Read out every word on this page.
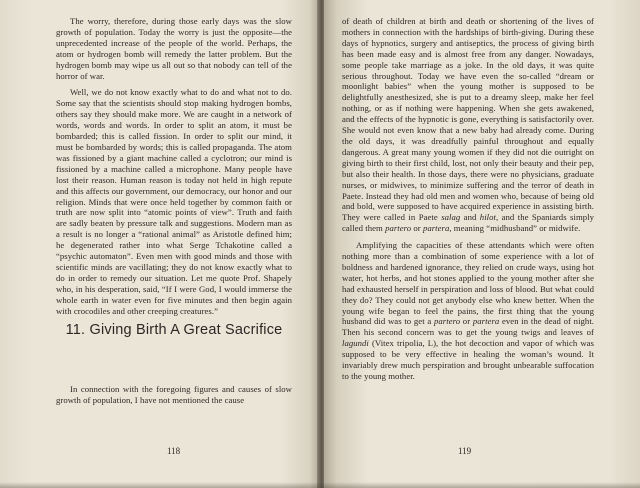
The worry, therefore, during those early days was the slow growth of population. Today the worry is just the opposite—the unprecedented increase of the people of the world. Perhaps, the atom or hydrogen bomb will remedy the latter problem. But the hydrogen bomb may wipe us all out so that nobody can tell of the horror of war.

Well, we do not know exactly what to do and what not to do. Some say that the scientists should stop making hydrogen bombs, others say they should make more. We are caught in a network of words, words and words. In order to split an atom, it must be bombarded; this is called fission. In order to split our mind, it must be bombarded by words; this is called propaganda. The atom was fissioned by a giant machine called a cyclotron; our mind is fissioned by a machine called a microphone. Many people have lost their reason. Human reason is today not held in high repute and this affects our government, our democracy, our honor and our religion. Minds that were once held together by common faith or truth are now split into “atomic points of view”. Truth and faith are sadly beaten by pressure talk and suggestions. Modern man as a result is no longer a “rational animal” as Aristotle defined him; he degenerated rather into what Serge Tchakotine called a “psychic automaton”. Even men with good minds and those with scientific minds are vacillating; they do not know exactly what to do in order to remedy our situation. Let me quote Prof. Shapely who, in his desperation, said, “If I were God, I would immerse the whole earth in water even for five minutes and then begin again with crocodiles and other creeping creatures.”

11. Giving Birth A Great Sacrifice

In connection with the foregoing figures and causes of slow growth of population, I have not mentioned the cause

118

of death of children at birth and death or shortening of the lives of mothers in connection with the hardships of birth-giving. During these days of hypnotics, surgery and antiseptics, the process of giving birth has been made easy and is almost free from any danger. Nowadays, some people take marriage as a joke. In the old days, it was quite serious throughout. Today we have even the so-called “dream or moonlight babies” when the young mother is supposed to be delightfully anesthesized, she is put to a dreamy sleep, make her feel nothing, or as if nothing were happening. When she gets awakened, and the effects of the hypnotic is gone, everything is satisfactorily over. She would not even know that a new baby had already come. During the old days, it was dreadfully painful throughout and equally dangerous. A great many young women if they did not die outright on giving birth to their first child, lost, not only their beauty and their pep, but also their health. In those days, there were no physicians, graduate nurses, or midwives, to minimize suffering and the terror of death in Paete. Instead they had old men and women who, because of being old and bold, were supposed to have acquired experience in assisting birth. They were called in Paete salag and hilot, and the Spaniards simply called them partero or partera, meaning “midhusband” or midwife.

Amplifying the capacities of these attendants which were often nothing more than a combination of some experience with a lot of boldness and hardened ignorance, they relied on crude ways, using hot water, hot herbs, and hot stones applied to the young mother after she had exhausted herself in perspiration and loss of blood. But what could they do? They could not get anybody else who knew better. When the young wife began to feel the pains, the first thing that the young husband did was to get a partero or partera even in the dead of night. Then his second concern was to get the young twigs and leaves of lagundi (Vitex tripolia, L), the hot decoction and vapor of which was supposed to be very effective in healing the woman’s wound. It invariably drew much perspiration and brought unbearable suffocation to the young mother.

119
